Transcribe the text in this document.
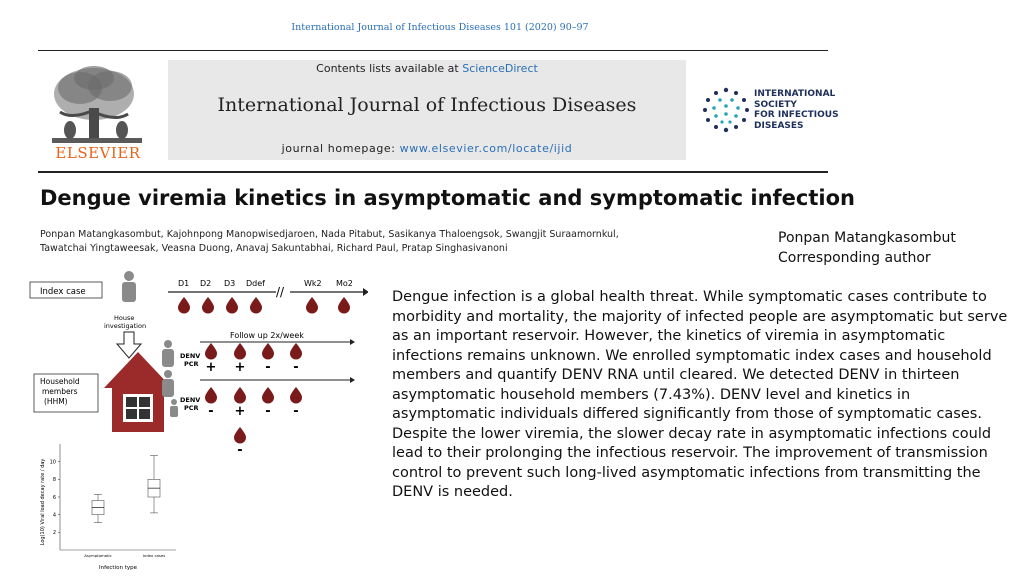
International Journal of Infectious Diseases 101 (2020) 90–97
ELSEVIER
Contents lists available at ScienceDirect
International Journal of Infectious Diseases
journal homepage: www.elsevier.com/locate/ijid
INTERNATIONAL
SOCIETY
FOR INFECTIOUS
DISEASES
Dengue viremia kinetics in asymptomatic and symptomatic infection
Ponpan Matangkasombut, Kajohnpong Manopwisedjaroen, Nada Pitabut, Sasikanya Thaloengsok, Swangjit Suraamornkul,
Tawatchai Yingtaweesak, Veasna Duong, Anavaj Sakuntabhai, Richard Paul, Pratap Singhasivanoni
Ponpan Matangkasombut
Corresponding author
Dengue infection is a global health threat. While symptomatic cases contribute to morbidity and mortality, the majority of infected people are asymptomatic but serve as an important reservoir. However, the kinetics of viremia in asymptomatic infections remains unknown. We enrolled symptomatic index cases and household members and quantify DENV RNA until cleared. We detected DENV in thirteen asymptomatic household members (7.43%). DENV level and kinetics in asymptomatic individuals differed significantly from those of symptomatic cases. Despite the lower viremia, the slower decay rate in asymptomatic infections could lead to their prolonging the infectious reservoir. The improvement of transmission control to prevent such long-lived asymptomatic infections from transmitting the DENV is needed.
Index case	//
D1 D2 D3 Ddef	Wk2 Mo2
House
investigation
Household
members
(HHM)
Follow up 2x/week
DENV
PCR + + - -
DENV
PCR - + - -
-
Log(10) Viral load decay rate / day 2
4
6
8
10
Asymptomatic	Index cases
Infection type
